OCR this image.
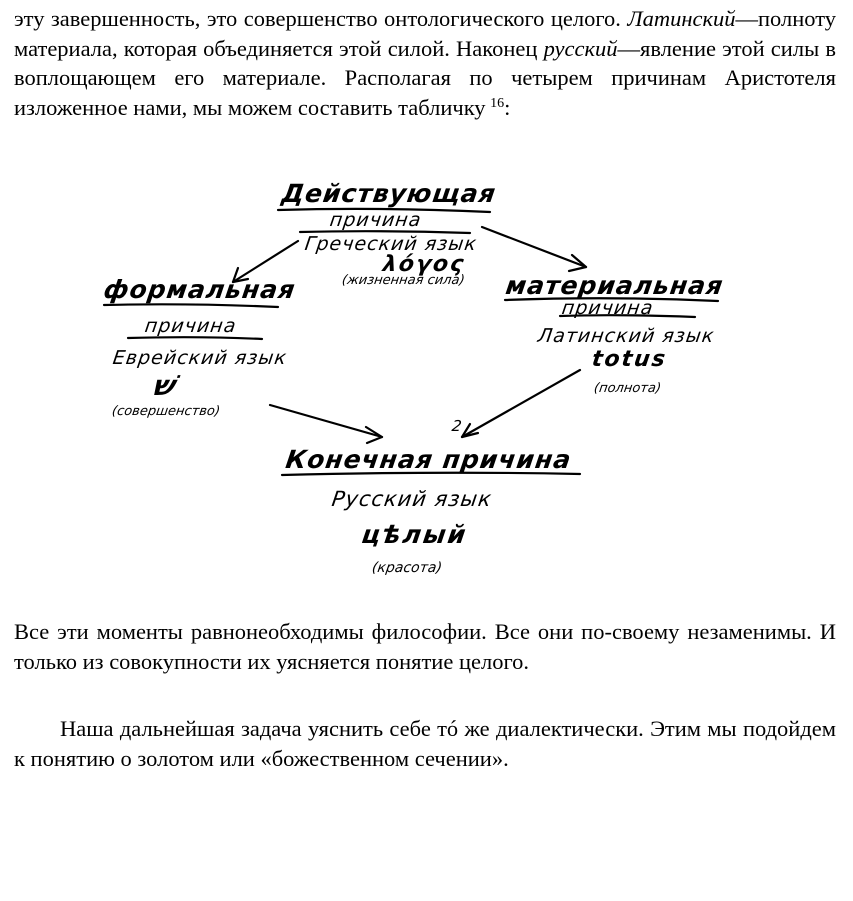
эту завершенность, это совершенство онтологического целого. Латинский—полноту материала, которая объединяется этой силой. Наконец русский—явление этой силы в воплощающем его материале. Располагая по четырем причинам Аристотеля изложенное нами, мы можем составить табличку  $^{16}$:

Действующая
причина
Греческий язык
λόγος
(жизненная сила)
формальная
причина
Еврейский язык
שׁ
(совершенство)
материальная
причина
Латинский язык
totus
(полнота)
2
Конечная причина
Русский язык
цѣлый
(красота)

Все эти моменты равнонеобходимы философии. Все они по-своему незаменимы. И только из совокупности их уясняется понятие целого.

Наша дальнейшая задача уяснить себе тó же диалектически. Этим мы подойдем к понятию о золотом или «божественном сечении».
